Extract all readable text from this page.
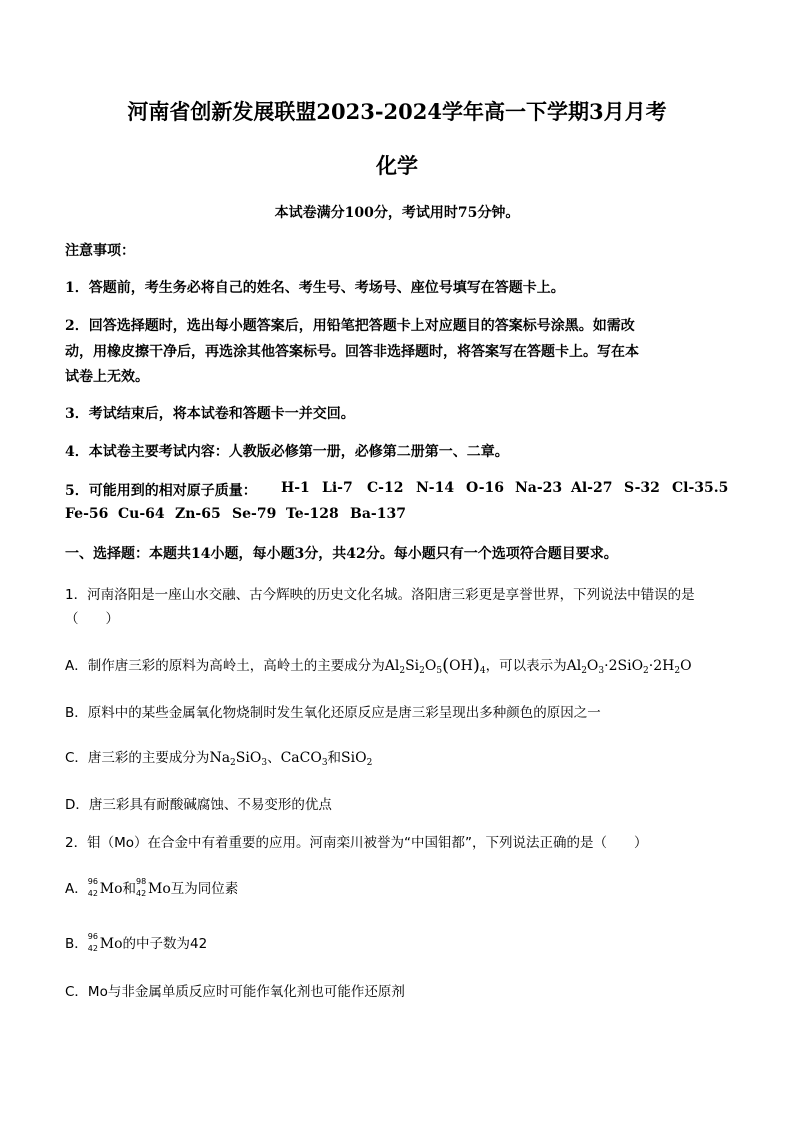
河南省创新发展联盟2023-2024学年高一下学期3月月考
化学
本试卷满分100分，考试用时75分钟。
注意事项：
1．答题前，考生务必将自己的姓名、考生号、考场号、座位号填写在答题卡上。
2．回答选择题时，选出每小题答案后，用铅笔把答题卡上对应题目的答案标号涂黑。如需改
动，用橡皮擦干净后，再选涂其他答案标号。回答非选择题时，将答案写在答题卡上。写在本
试卷上无效。
3．考试结束后，将本试卷和答题卡一并交回。
4．本试卷主要考试内容：人教版必修第一册，必修第二册第一、二章。
5．可能用到的相对原子质量： H-1 Li-7 C-12 N-14 O-16 Na-23 Al-27 S-32 Cl-35.5
Fe-56 Cu-64 Zn-65 Se-79 Te-128 Ba-137
一、选择题：本题共14小题，每小题3分，共42分。每小题只有一个选项符合题目要求。
1．河南洛阳是一座山水交融、古今辉映的历史文化名城。洛阳唐三彩更是享誉世界，下列说法中错误的是
（　　）
A．制作唐三彩的原料为高岭土，高岭土的主要成分为$Al_2Si_2O_5(OH)_4$，可以表示为$Al_2O_3\cdot 2SiO_2\cdot 2H_2O$
B．原料中的某些金属氧化物烧制时发生氧化还原反应是唐三彩呈现出多种颜色的原因之一
C．唐三彩的主要成分为$Na_2SiO_3$、CaCO$_3$和SiO$_2$
D．唐三彩具有耐酸碱腐蚀、不易变形的优点
2．钼（Mo）在合金中有着重要的应用。河南栾川被誉为“中国钼都”，下列说法正确的是（　　）
A． 96
42 Mo和 98
42 Mo互为同位素
B． 96
42 Mo的中子数为42
C．Mo与非金属单质反应时可能作氧化剂也可能作还原剂
